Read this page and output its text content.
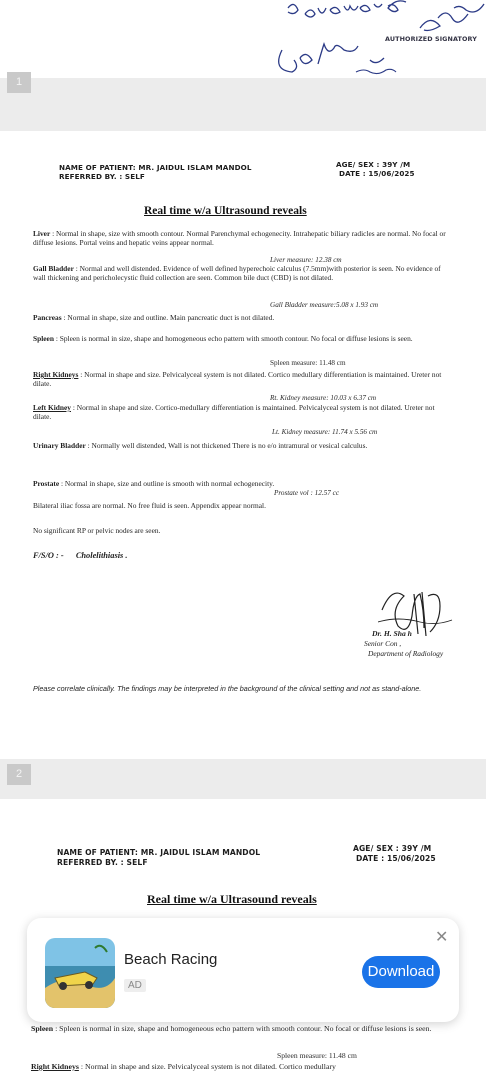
AUTHORIZED SIGNATORY
1
NAME OF PATIENT: MR. JAIDUL ISLAM MANDOL
REFERRED BY. : SELF
AGE/ SEX : 39Y /M
DATE : 15/06/2025
Real time w/a Ultrasound reveals
Liver : Normal in shape, size with smooth contour. Normal Parenchymal echogenecity. Intrahepatic biliary radicles are normal. No focal or diffuse lesions. Portal veins and hepatic veins appear normal.
Liver measure: 12.38 cm
Gall Bladder : Normal and well distended. Evidence of well defined hyperechoic calculus (7.5mm)with posterior is seen. No evidence of wall thickening and pericholecystic fluid collection are seen. Common bile duct (CBD) is not dilated.
Gall Bladder measure:5.08 x 1.93 cm
Pancreas : Normal in shape, size and outline. Main pancreatic duct is not dilated.
Spleen : Spleen is normal in size, shape and homogeneous echo pattern with smooth contour. No focal or diffuse lesions is seen.
Spleen measure: 11.48 cm
Right Kidneys : Normal in shape and size. Pelvicalyceal system is not dilated. Cortico medullary differentiation is maintained. Ureter not dilate.
Rt. Kidney measure: 10.03 x 6.37 cm
Left Kidney : Normal in shape and size. Cortico-medullary differentiation is maintained. Pelvicalyceal system is not dilated. Ureter not dilate.
Lt. Kidney measure: 11.74 x 5.56 cm
Urinary Bladder : Normally well distended, Wall is not thickened There is no e/o intramural or vesical calculus.
Prostate : Normal in shape, size and outline is smooth with normal echogenecity.
Prostate vol : 12.57 cc
Bilateral iliac fossa are normal. No free fluid is seen. Appendix appear normal.
No significant RP or pelvic nodes are seen.
F/S/O : - Cholelithiasis .
Dr. H. Sha h
Senior Con ,
Department of Radiology
Please correlate clinically. The findings may be interpreted in the background of the clinical setting and not as stand-alone.
2
NAME OF PATIENT: MR. JAIDUL ISLAM MANDOL
REFERRED BY. : SELF
AGE/ SEX : 39Y /M
DATE : 15/06/2025
Real time w/a Ultrasound reveals
Spleen : Spleen is normal in size, shape and homogeneous echo pattern with smooth contour. No focal or diffuse lesions is seen.
Spleen measure: 11.48 cm
Right Kidneys : Normal in shape and size. Pelvicalyceal system is not dilated. Cortico medullary
Beach Racing
AD
Download
✕
